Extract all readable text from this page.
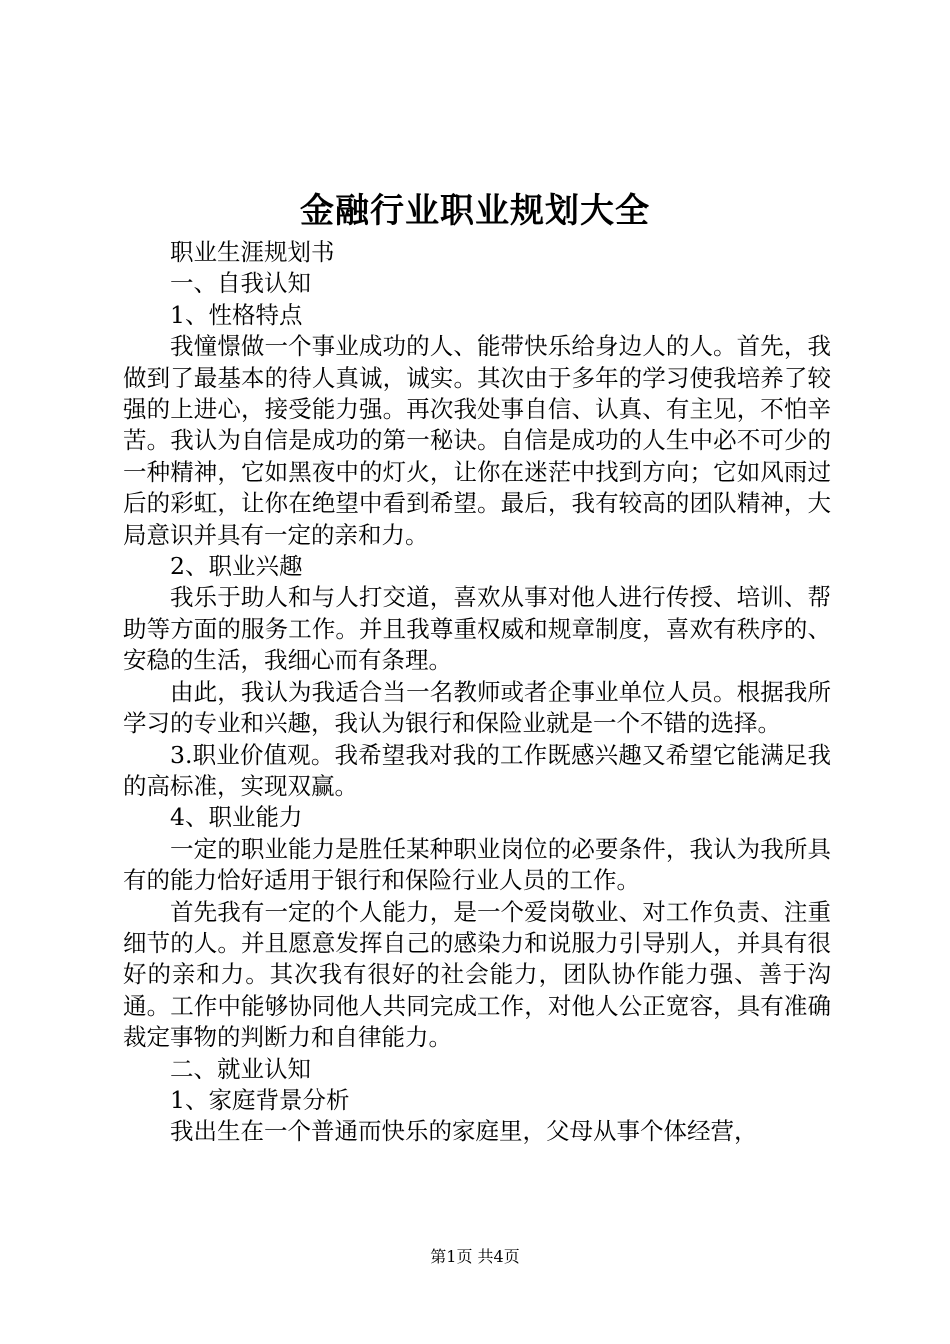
金融行业职业规划大全

职业生涯规划书

一、自我认知

1、性格特点

我憧憬做一个事业成功的人、能带快乐给身边人的人。首先，我做到了最基本的待人真诚，诚实。其次由于多年的学习使我培养了较强的上进心，接受能力强。再次我处事自信、认真、有主见，不怕辛苦。我认为自信是成功的第一秘诀。自信是成功的人生中必不可少的一种精神，它如黑夜中的灯火，让你在迷茫中找到方向；它如风雨过后的彩虹，让你在绝望中看到希望。最后，我有较高的团队精神，大局意识并具有一定的亲和力。

2、职业兴趣

我乐于助人和与人打交道，喜欢从事对他人进行传授、培训、帮助等方面的服务工作。并且我尊重权威和规章制度，喜欢有秩序的、安稳的生活，我细心而有条理。

由此，我认为我适合当一名教师或者企事业单位人员。根据我所学习的专业和兴趣，我认为银行和保险业就是一个不错的选择。

3.职业价值观。我希望我对我的工作既感兴趣又希望它能满足我的高标准，实现双赢。

4、职业能力

一定的职业能力是胜任某种职业岗位的必要条件，我认为我所具有的能力恰好适用于银行和保险行业人员的工作。

首先我有一定的个人能力，是一个爱岗敬业、对工作负责、注重细节的人。并且愿意发挥自己的感染力和说服力引导别人，并具有很好的亲和力。其次我有很好的社会能力，团队协作能力强、善于沟通。工作中能够协同他人共同完成工作，对他人公正宽容，具有准确裁定事物的判断力和自律能力。

二、就业认知

1、家庭背景分析

我出生在一个普通而快乐的家庭里，父母从事个体经营，

第1页 共4页
